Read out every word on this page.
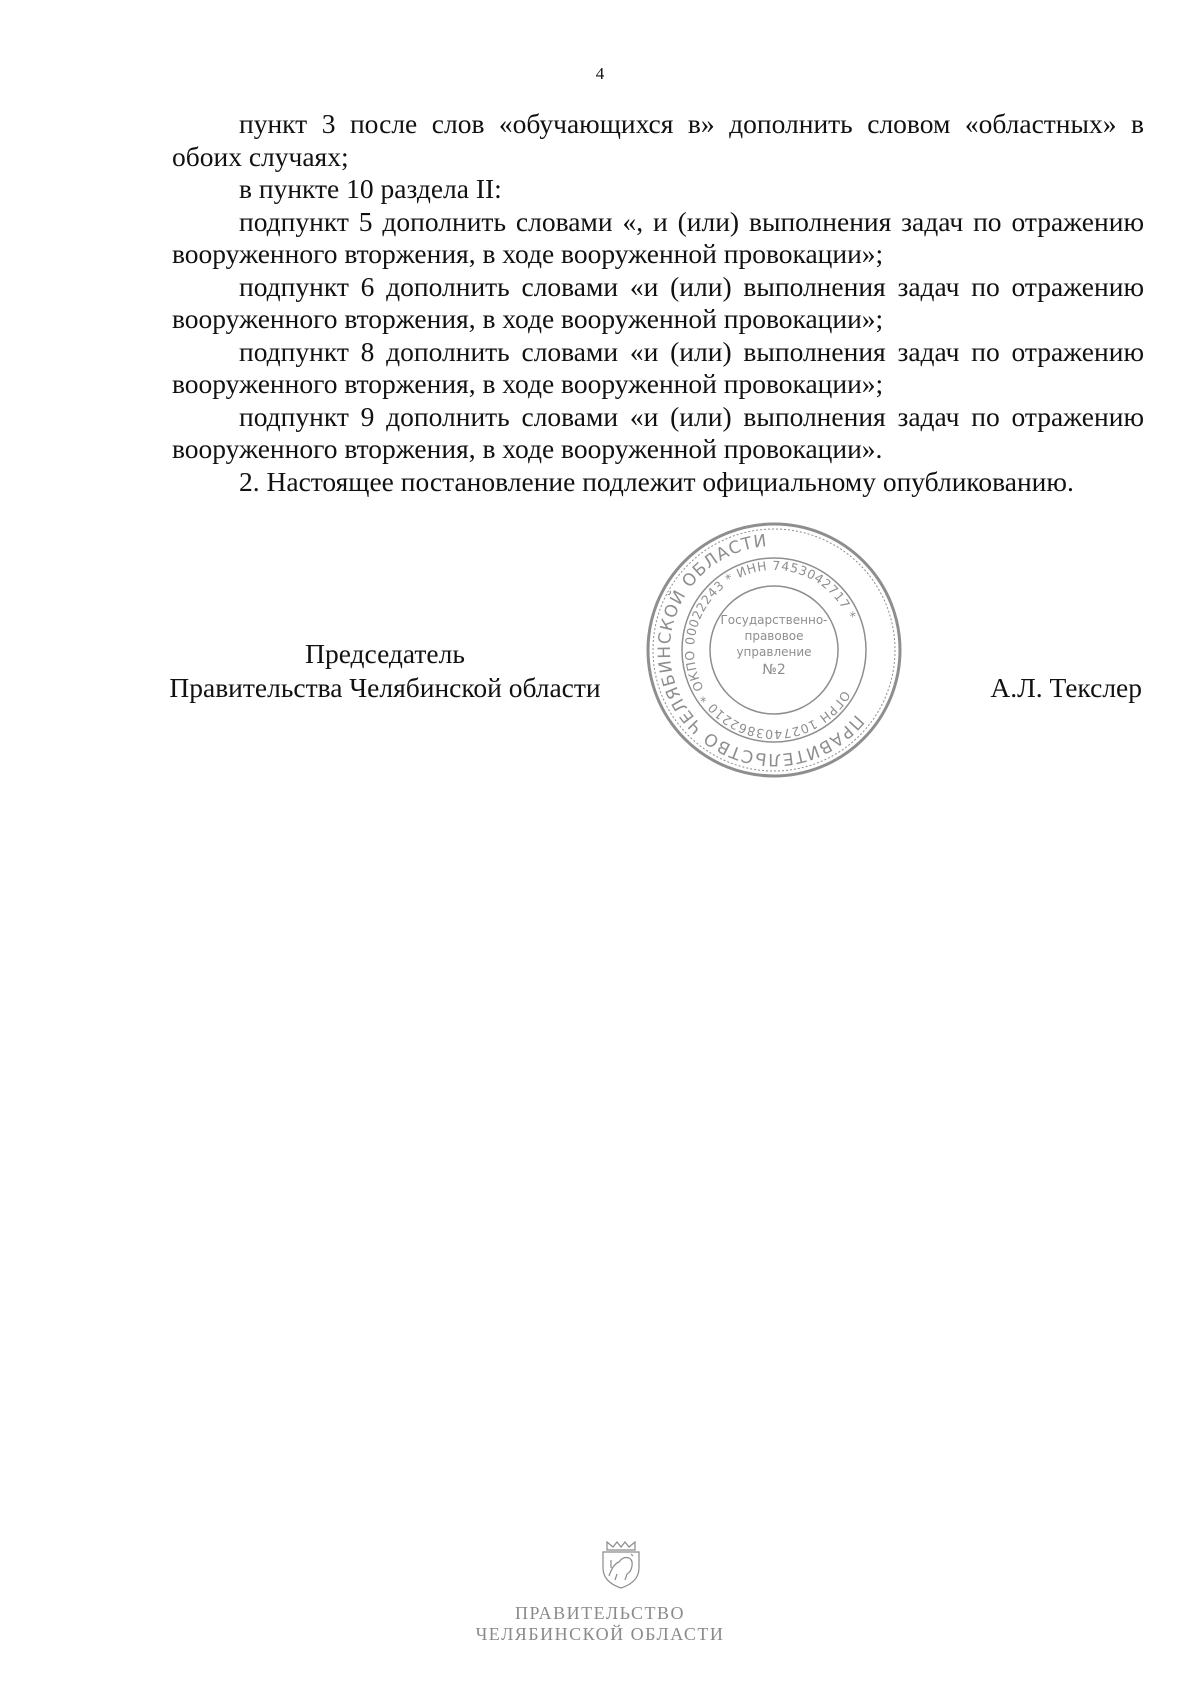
4

пункт 3 после слов «обучающихся в» дополнить словом «областных» в обоих случаях;

в пункте 10 раздела II:

подпункт 5 дополнить словами «, и (или) выполнения задач по отражению вооруженного вторжения, в ходе вооруженной провокации»;

подпункт 6 дополнить словами «и (или) выполнения задач по отражению вооруженного вторжения, в ходе вооруженной провокации»;

подпункт 8 дополнить словами «и (или) выполнения задач по отражению вооруженного вторжения, в ходе вооруженной провокации»;

подпункт 9 дополнить словами «и (или) выполнения задач по отражению вооруженного вторжения, в ходе вооруженной провокации».

2. Настоящее постановление подлежит официальному опубликованию.

Председатель
Правительства Челябинской области	А.Л. Текслер
ПРАВИТЕЛЬСТВО ЧЕЛЯБИНСКОЙ ОБЛАСТИ
ОГРН 1027403862210 * ОКПО 00022243 * ИНН 7453042717 *
Государственно-
правовое
управление
№2
ПРАВИТЕЛЬСТВО
ЧЕЛЯБИНСКОЙ ОБЛАСТИ
